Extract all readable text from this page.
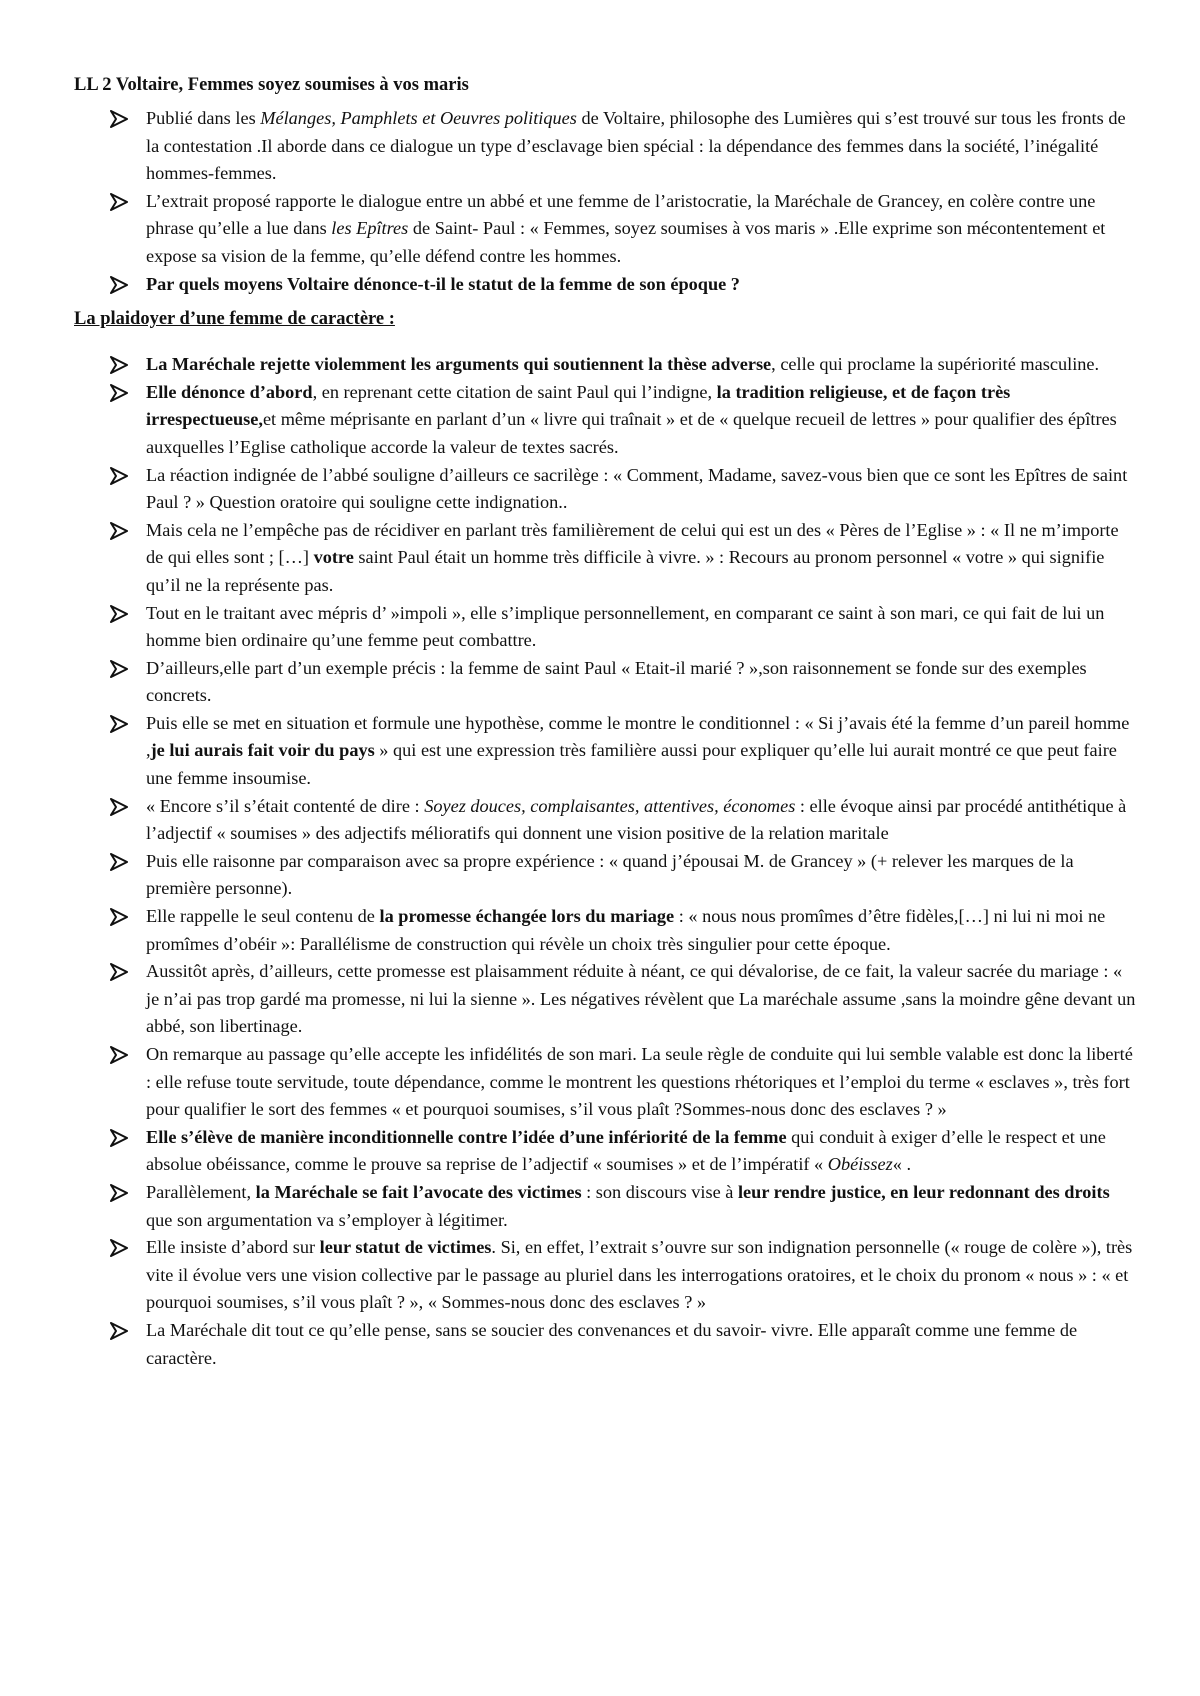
LL 2 Voltaire, Femmes soyez soumises à vos maris
Publié dans les Mélanges, Pamphlets et Oeuvres politiques de Voltaire, philosophe des Lumières qui s’est trouvé sur tous les fronts de la contestation .Il aborde dans ce dialogue un type d’esclavage bien spécial : la dépendance des femmes dans la société, l’inégalité hommes-femmes.
L’extrait proposé rapporte le dialogue entre un abbé et une femme de l’aristocratie, la Maréchale de Grancey, en colère contre une phrase qu’elle a lue dans les Epîtres de Saint- Paul : « Femmes, soyez soumises à vos maris » .Elle exprime son mécontentement et expose sa vision de la femme, qu’elle défend contre les hommes.
Par quels moyens Voltaire dénonce-t-il le statut de la femme de son époque ?
La plaidoyer d’une femme de caractère :
La Maréchale rejette violemment les arguments qui soutiennent la thèse adverse, celle qui proclame la supériorité masculine.
Elle dénonce d’abord, en reprenant cette citation de saint Paul qui l’indigne, la tradition religieuse, et de façon très irrespectueuse,et même méprisante en parlant d’un « livre qui traînait » et de « quelque recueil de lettres » pour qualifier des épîtres auxquelles l’Eglise catholique accorde la valeur de textes sacrés.
La réaction indignée de l’abbé souligne d’ailleurs ce sacrilège : « Comment, Madame, savez-vous bien que ce sont les Epîtres de saint Paul ? » Question oratoire qui souligne cette indignation..
Mais cela ne l’empêche pas de récidiver en parlant très familièrement de celui qui est un des « Pères de l’Eglise » : « Il ne m’importe de qui elles sont ; […] votre saint Paul était un homme très difficile à vivre. » : Recours au pronom personnel « votre » qui signifie qu’il ne la représente pas.
Tout en le traitant avec mépris d’ »impoli », elle s’implique personnellement, en comparant ce saint à son mari, ce qui fait de lui un homme bien ordinaire qu’une femme peut combattre.
D’ailleurs,elle part d’un exemple précis : la femme de saint Paul « Etait-il marié ? »,son raisonnement se fonde sur des exemples concrets.
Puis elle se met en situation et formule une hypothèse, comme le montre le conditionnel : « Si j’avais été la femme d’un pareil homme ,je lui aurais fait voir du pays » qui est une expression très familière aussi pour expliquer qu’elle lui aurait montré ce que peut faire une femme insoumise.
« Encore s’il s’était contenté de dire : Soyez douces, complaisantes, attentives, économes : elle évoque ainsi par procédé antithétique à l’adjectif « soumises » des adjectifs mélioratifs qui donnent une vision positive de la relation maritale
Puis elle raisonne par comparaison avec sa propre expérience : « quand j’épousai M. de Grancey » (+ relever les marques de la première personne).
Elle rappelle le seul contenu de la promesse échangée lors du mariage : « nous nous promîmes d’être fidèles,[…] ni lui ni moi ne promîmes d’obéir »: Parallélisme de construction qui révèle un choix très singulier pour cette époque.
Aussitôt après, d’ailleurs, cette promesse est plaisamment réduite à néant, ce qui dévalorise, de ce fait, la valeur sacrée du mariage : « je n’ai pas trop gardé ma promesse, ni lui la sienne ». Les négatives révèlent que La maréchale assume ,sans la moindre gêne devant un abbé, son libertinage.
On remarque au passage qu’elle accepte les infidélités de son mari. La seule règle de conduite qui lui semble valable est donc la liberté : elle refuse toute servitude, toute dépendance, comme le montrent les questions rhétoriques et l’emploi du terme « esclaves », très fort pour qualifier le sort des femmes « et pourquoi soumises, s’il vous plaît ?Sommes-nous donc des esclaves ? »
Elle s’élève de manière inconditionnelle contre l’idée d’une infériorité de la femme qui conduit à exiger d’elle le respect et une absolue obéissance, comme le prouve sa reprise de l’adjectif « soumises » et de l’impératif « Obéissez« .
Parallèlement, la Maréchale se fait l’avocate des victimes : son discours vise à leur rendre justice, en leur redonnant des droits que son argumentation va s’employer à légitimer.
Elle insiste d’abord sur leur statut de victimes. Si, en effet, l’extrait s’ouvre sur son indignation personnelle (« rouge de colère »), très vite il évolue vers une vision collective par le passage au pluriel dans les interrogations oratoires, et le choix du pronom « nous » : « et pourquoi soumises, s’il vous plaît ? », « Sommes-nous donc des esclaves ? »
La Maréchale dit tout ce qu’elle pense, sans se soucier des convenances et du savoir- vivre. Elle apparaît comme une femme de caractère.
